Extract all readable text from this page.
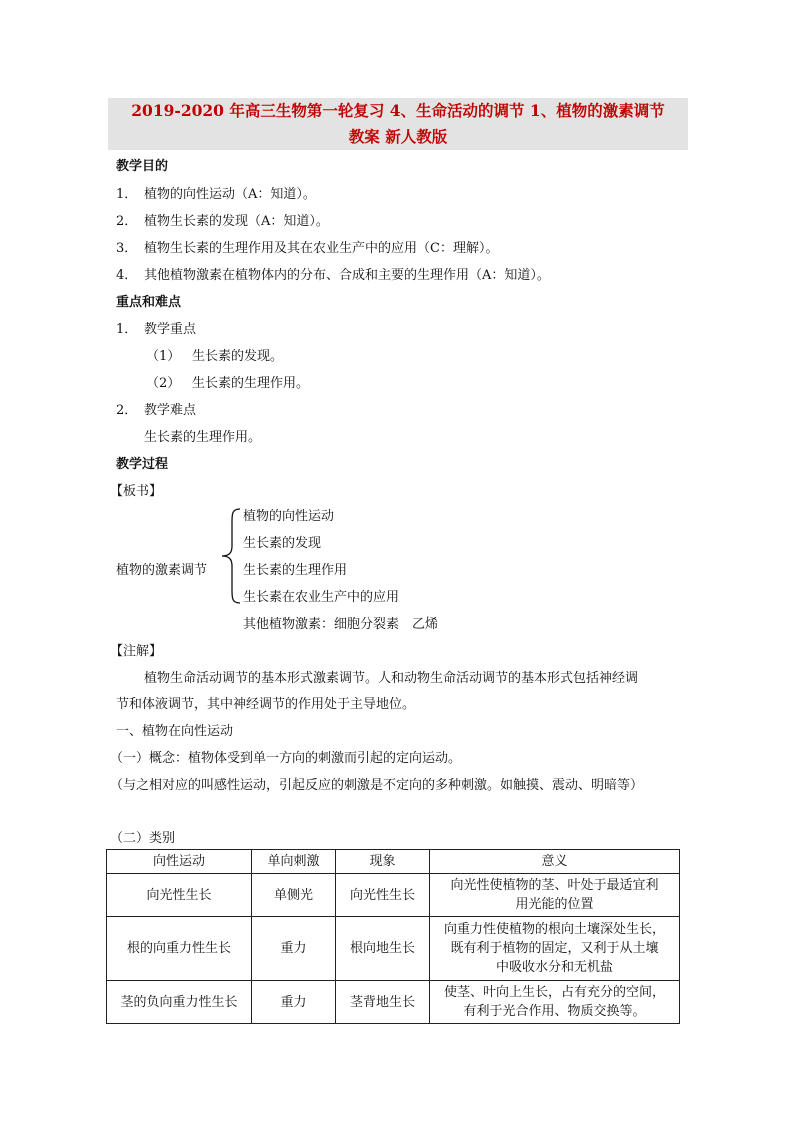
2019-2020 年高三生物第一轮复习 4、生命活动的调节 1、植物的激素调节
教案 新人教版
教学目的
1． 植物的向性运动（A：知道）。
2． 植物生长素的发现（A：知道）。
3． 植物生长素的生理作用及其在农业生产中的应用（C：理解）。
4． 其他植物激素在植物体内的分布、合成和主要的生理作用（A：知道）。
重点和难点
1． 教学重点
（1） 生长素的发现。
（2） 生长素的生理作用。
2． 教学难点
生长素的生理作用。
教学过程
【板书】
植物的激素调节
植物的向性运动
生长素的发现
生长素的生理作用
生长素在农业生产中的应用
其他植物激素：细胞分裂素　乙烯
【注解】
植物生命活动调节的基本形式激素调节。人和动物生命活动调节的基本形式包括神经调
节和体液调节，其中神经调节的作用处于主导地位。
一、植物在向性运动
（一）概念：植物体受到单一方向的刺激而引起的定向运动。
（与之相对应的叫感性运动，引起反应的刺激是不定向的多种刺激。如触摸、震动、明暗等）
（二）类别
向性运动	单向刺激	现象	意义
向光性生长	单侧光	向光性生长	向光性使植物的茎、叶处于最适宜利
用光能的位置

根的向重力性生长	重力	根向地生长	向重力性使植物的根向土壤深处生长，
既有利于植物的固定，又利于从土壤
中吸收水分和无机盐

茎的负向重力性生长	重力	茎背地生长	使茎、叶向上生长，占有充分的空间，
有利于光合作用、物质交换等。
